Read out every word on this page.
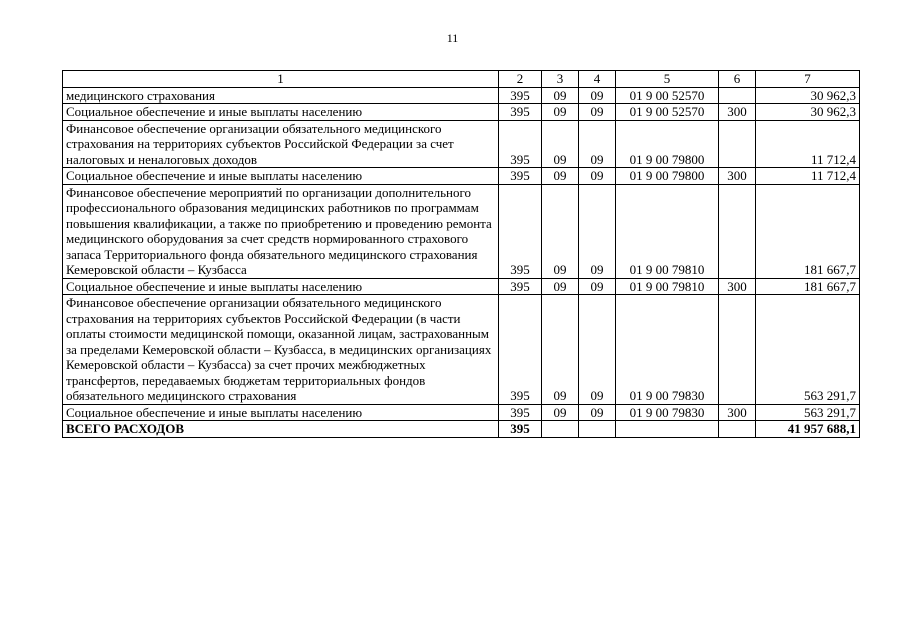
11
1	2	3	4	5	6	7
медицинского страхования	395	09	09	01 9 00 52570		30 962,3
Социальное обеспечение и иные выплаты населению	395	09	09	01 9 00 52570	300	30 962,3
Финансовое обеспечение организации обязательного медицинского страхования на территориях субъектов Российской Федерации за счет налоговых и неналоговых доходов	395	09	09	01 9 00 79800		11 712,4
Социальное обеспечение и иные выплаты населению	395	09	09	01 9 00 79800	300	11 712,4
Финансовое обеспечение мероприятий по организации дополнительного профессионального образования медицинских работников по программам повышения квалификации, а также по приобретению и проведению ремонта медицинского оборудования за счет средств нормированного страхового запаса Территориального фонда обязательного медицинского страхования Кемеровской области – Кузбасса	395	09	09	01 9 00 79810		181 667,7
Социальное обеспечение и иные выплаты населению	395	09	09	01 9 00 79810	300	181 667,7
Финансовое обеспечение организации обязательного медицинского страхования на территориях субъектов Российской Федерации (в части оплаты стоимости медицинской помощи, оказанной лицам, застрахованным за пределами Кемеровской области – Кузбасса, в медицинских организациях Кемеровской области – Кузбасса) за счет прочих межбюджетных трансфертов, передаваемых бюджетам территориальных фондов обязательного медицинского страхования	395	09	09	01 9 00 79830		563 291,7
Социальное обеспечение и иные выплаты населению	395	09	09	01 9 00 79830	300	563 291,7
ВСЕГО РАСХОДОВ	395					41 957 688,1
